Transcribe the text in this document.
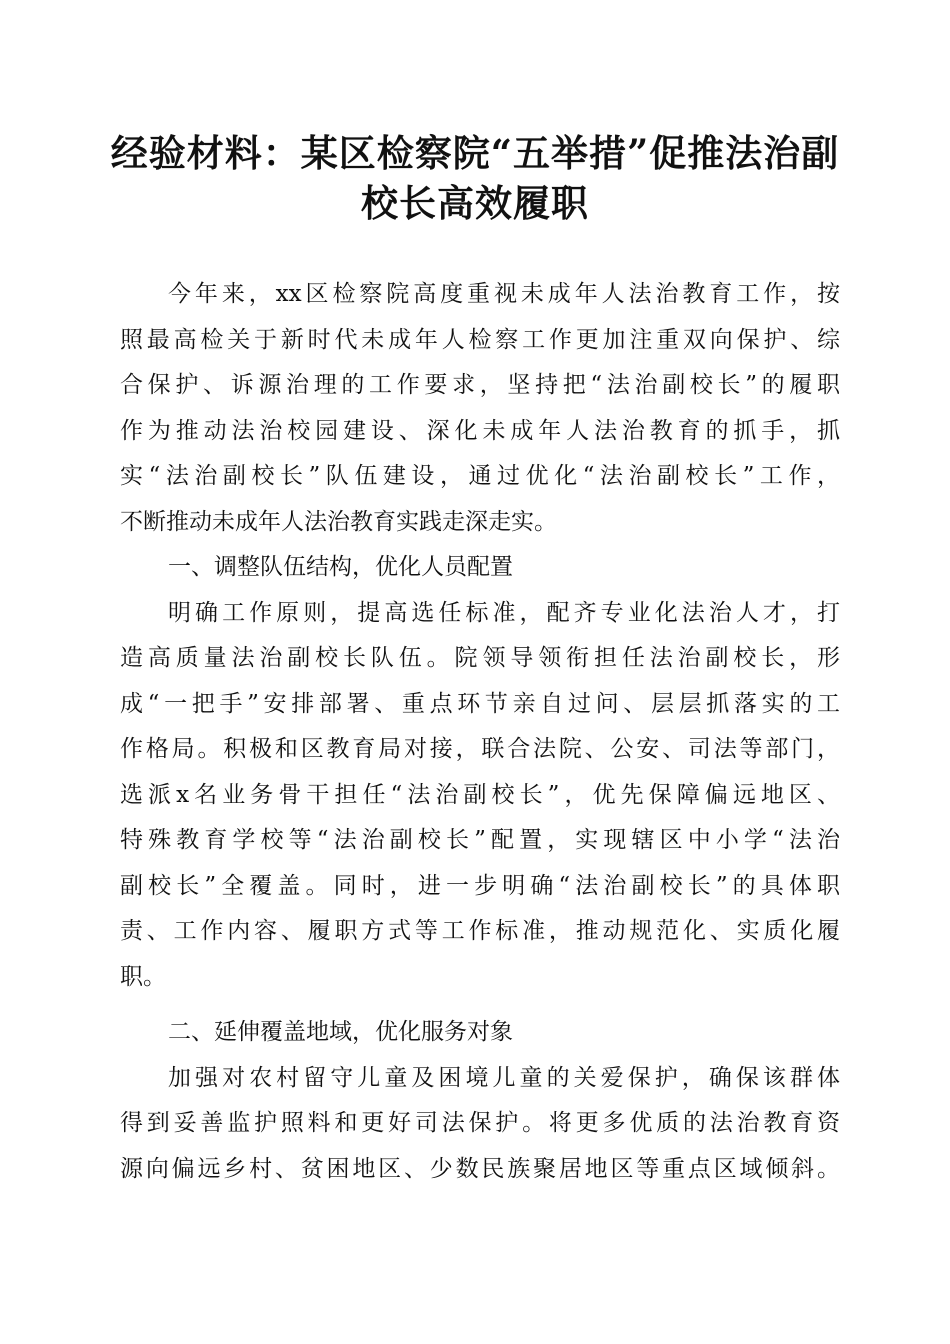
经验材料：某区检察院“五举措”促推法治副
校长高效履职
今年来，xx区检察院高度重视未成年人法治教育工作，按
照最高检关于新时代未成年人检察工作更加注重双向保护、综
合保护、诉源治理的工作要求，坚持把“法治副校长”的履职
作为推动法治校园建设、深化未成年人法治教育的抓手，抓
实“法治副校长”队伍建设，通过优化“法治副校长”工作，
不断推动未成年人法治教育实践走深走实。
一、调整队伍结构，优化人员配置
明确工作原则，提高选任标准，配齐专业化法治人才，打
造高质量法治副校长队伍。院领导领衔担任法治副校长，形
成“一把手”安排部署、重点环节亲自过问、层层抓落实的工
作格局。积极和区教育局对接，联合法院、公安、司法等部门，
选派x名业务骨干担任“法治副校长”，优先保障偏远地区、
特殊教育学校等“法治副校长”配置，实现辖区中小学“法治
副校长”全覆盖。同时，进一步明确“法治副校长”的具体职
责、工作内容、履职方式等工作标准，推动规范化、实质化履
职。
二、延伸覆盖地域，优化服务对象
加强对农村留守儿童及困境儿童的关爱保护，确保该群体
得到妥善监护照料和更好司法保护。将更多优质的法治教育资
源向偏远乡村、贫困地区、少数民族聚居地区等重点区域倾斜。
